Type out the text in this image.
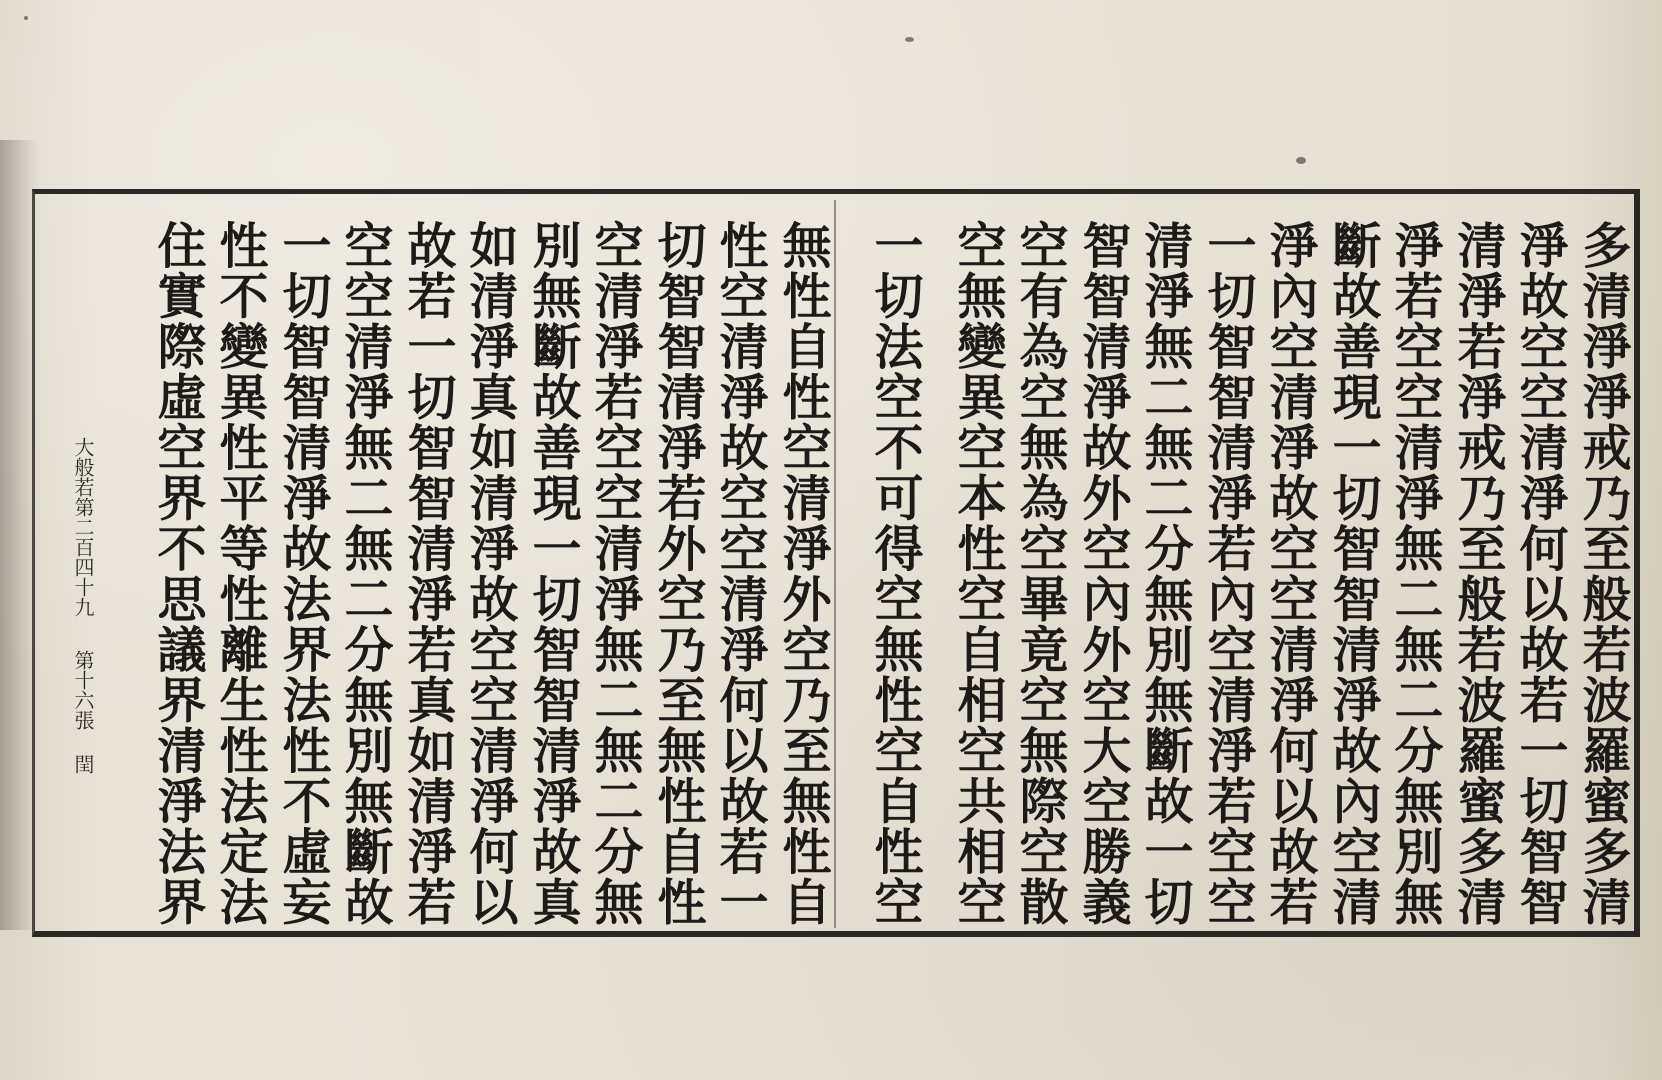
多清淨淨戒乃至般若波羅蜜多清
淨故空空清淨何以故若一切智智
清淨若淨戒乃至般若波羅蜜多清
淨若空空清淨無二無二分無別無
斷故善現一切智智清淨故內空清
淨內空清淨故空空清淨何以故若
一切智智清淨若內空清淨若空空
清淨無二無二分無別無斷故一切
智智清淨故外空內外空大空勝義
空有為空無為空畢竟空無際空散
空無變異空本性空自相空共相空
一切法空不可得空無性空自性空
無性自性空清淨外空乃至無性自
性空清淨故空空清淨何以故若一
切智智清淨若外空乃至無性自性
空清淨若空空清淨無二無二分無
別無斷故善現一切智智清淨故真
如清淨真如清淨故空空清淨何以
故若一切智智清淨若真如清淨若
空空清淨無二無二分無別無斷故
一切智智清淨故法界法性不虛妄
性不變異性平等性離生性法定法
住實際虛空界不思議界清淨法界
大般若第二百四十九
第十六張 閏
